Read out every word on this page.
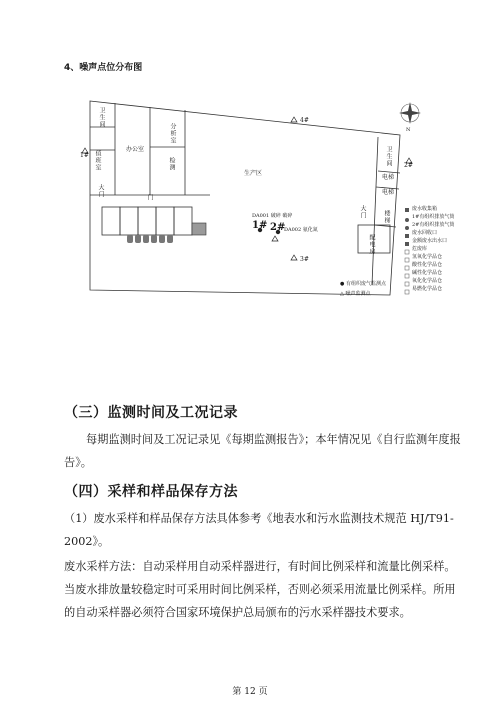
4、噪声点位分布图
卫生间
办公室
分析室
值班室	检测
生产区
卫生间
电梯
电梯
配电房
大门	门
大门	楼梯
N
4#
1#
2#
3#
DA001 破碎 破碎
DA002 氨化氮
1# 2#
废水收集箱
1#有组织排放气筒
2#有组织排放气筒
废水回收口
金额废水出水口
危废库
氢氧化学品仓
酸性化学品仓
碱性化学品仓
氧化化学品仓
易燃化学品仓
● 有组织废气监测点
△ 噪声监测点
（三）监测时间及工况记录
每期监测时间及工况记录见《每期监测报告》；本年情况见《自行监测年度报告》。
（四）采样和样品保存方法
（1）废水采样和样品保存方法具体参考《地表水和污水监测技术规范 HJ/T91-2002》。
废水采样方法：自动采样用自动采样器进行，有时间比例采样和流量比例采样。当废水排放量较稳定时可采用时间比例采样，否则必须采用流量比例采样。所用的自动采样器必须符合国家环境保护总局颁布的污水采样器技术要求。
第 12 页
